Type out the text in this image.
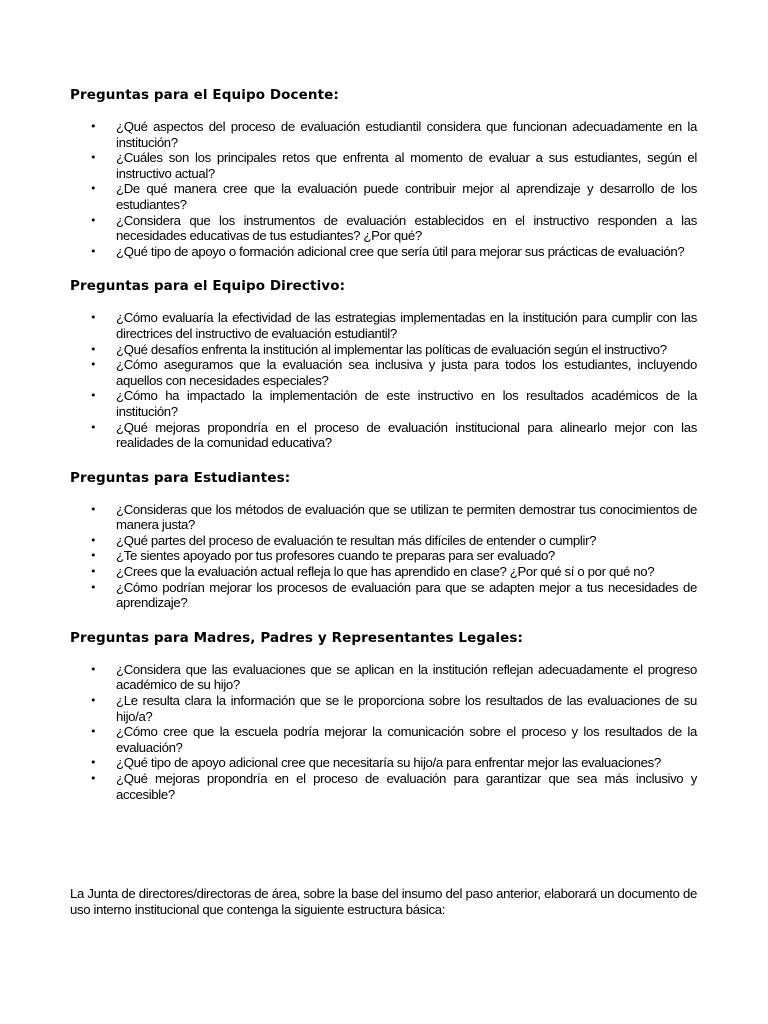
Preguntas para el Equipo Docente:
• ¿Qué aspectos del proceso de evaluación estudiantil considera que funcionan adecuadamente en la institución?
• ¿Cuáles son los principales retos que enfrenta al momento de evaluar a sus estudiantes, según el instructivo actual?
• ¿De qué manera cree que la evaluación puede contribuir mejor al aprendizaje y desarrollo de los estudiantes?
• ¿Considera que los instrumentos de evaluación establecidos en el instructivo responden a las necesidades educativas de tus estudiantes? ¿Por qué?
• ¿Qué tipo de apoyo o formación adicional cree que sería útil para mejorar sus prácticas de evaluación?
Preguntas para el Equipo Directivo:
• ¿Cómo evaluaría la efectividad de las estrategias implementadas en la institución para cumplir con las directrices del instructivo de evaluación estudiantil?
• ¿Qué desafíos enfrenta la institución al implementar las políticas de evaluación según el instructivo?
• ¿Cómo aseguramos que la evaluación sea inclusiva y justa para todos los estudiantes, incluyendo aquellos con necesidades especiales?
• ¿Cómo ha impactado la implementación de este instructivo en los resultados académicos de la institución?
• ¿Qué mejoras propondría en el proceso de evaluación institucional para alinearlo mejor con las realidades de la comunidad educativa?
Preguntas para Estudiantes:
• ¿Consideras que los métodos de evaluación que se utilizan te permiten demostrar tus conocimientos de manera justa?
• ¿Qué partes del proceso de evaluación te resultan más difíciles de entender o cumplir?
• ¿Te sientes apoyado por tus profesores cuando te preparas para ser evaluado?
• ¿Crees que la evaluación actual refleja lo que has aprendido en clase? ¿Por qué sí o por qué no?
• ¿Cómo podrían mejorar los procesos de evaluación para que se adapten mejor a tus necesidades de aprendizaje?
Preguntas para Madres, Padres y Representantes Legales:
• ¿Considera que las evaluaciones que se aplican en la institución reflejan adecuadamente el progreso académico de su hijo?
• ¿Le resulta clara la información que se le proporciona sobre los resultados de las evaluaciones de su hijo/a?
• ¿Cómo cree que la escuela podría mejorar la comunicación sobre el proceso y los resultados de la evaluación?
• ¿Qué tipo de apoyo adicional cree que necesitaría su hijo/a para enfrentar mejor las evaluaciones?
• ¿Qué mejoras propondría en el proceso de evaluación para garantizar que sea más inclusivo y accesible?

La Junta de directores/directoras de área, sobre la base del insumo del paso anterior, elaborará un documento de uso interno institucional que contenga la siguiente estructura básica:
